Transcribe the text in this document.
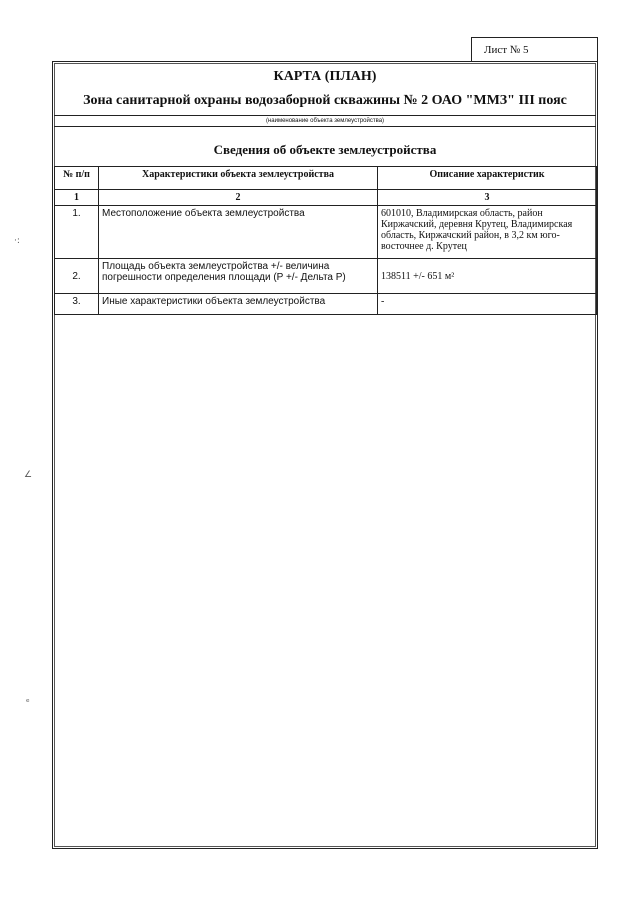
Лист № 5
КАРТА (ПЛАН)
Зона санитарной охраны водозаборной скважины № 2 ОАО "ММЗ" III пояс
(наименование объекта землеустройства)
Сведения об объекте землеустройства
№ п/п	Характеристики объекта землеустройства	Описание характеристик
1	2	3
1.	Местоположение объекта землеустройства	601010, Владимирская область, район Киржачский, деревня Крутец, Владимирская область, Киржачский район, в 3,2 км юго-восточнее д. Крутец
2.	Площадь объекта землеустройства +/- величина погрешности определения площади (P +/- Дельта P)	138511 +/- 651 м²
3.	Иные характеристики объекта землеустройства	-
·:
∠
ᵉ
